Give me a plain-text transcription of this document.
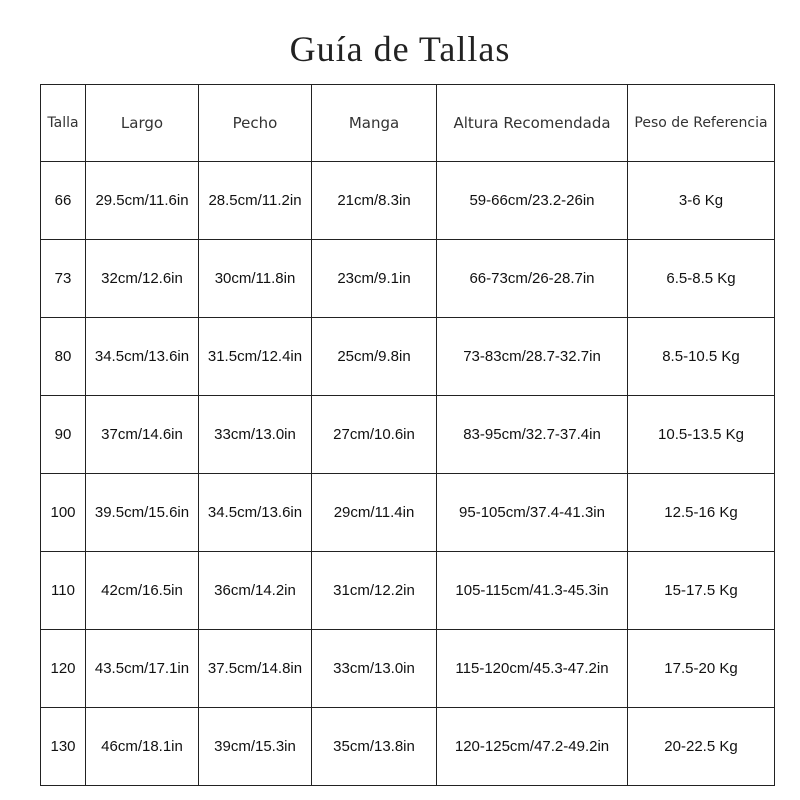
Guía de Tallas
Talla	Largo	Pecho	Manga	Altura Recomendada	Peso de Referencia
66	29.5cm/11.6in	28.5cm/11.2in	21cm/8.3in	59-66cm/23.2-26in	3-6 Kg
73	32cm/12.6in	30cm/11.8in	23cm/9.1in	66-73cm/26-28.7in	6.5-8.5 Kg
80	34.5cm/13.6in	31.5cm/12.4in	25cm/9.8in	73-83cm/28.7-32.7in	8.5-10.5 Kg
90	37cm/14.6in	33cm/13.0in	27cm/10.6in	83-95cm/32.7-37.4in	10.5-13.5 Kg
100	39.5cm/15.6in	34.5cm/13.6in	29cm/11.4in	95-105cm/37.4-41.3in	12.5-16 Kg
110	42cm/16.5in	36cm/14.2in	31cm/12.2in	105-115cm/41.3-45.3in	15-17.5 Kg
120	43.5cm/17.1in	37.5cm/14.8in	33cm/13.0in	115-120cm/45.3-47.2in	17.5-20 Kg
130	46cm/18.1in	39cm/15.3in	35cm/13.8in	120-125cm/47.2-49.2in	20-22.5 Kg
